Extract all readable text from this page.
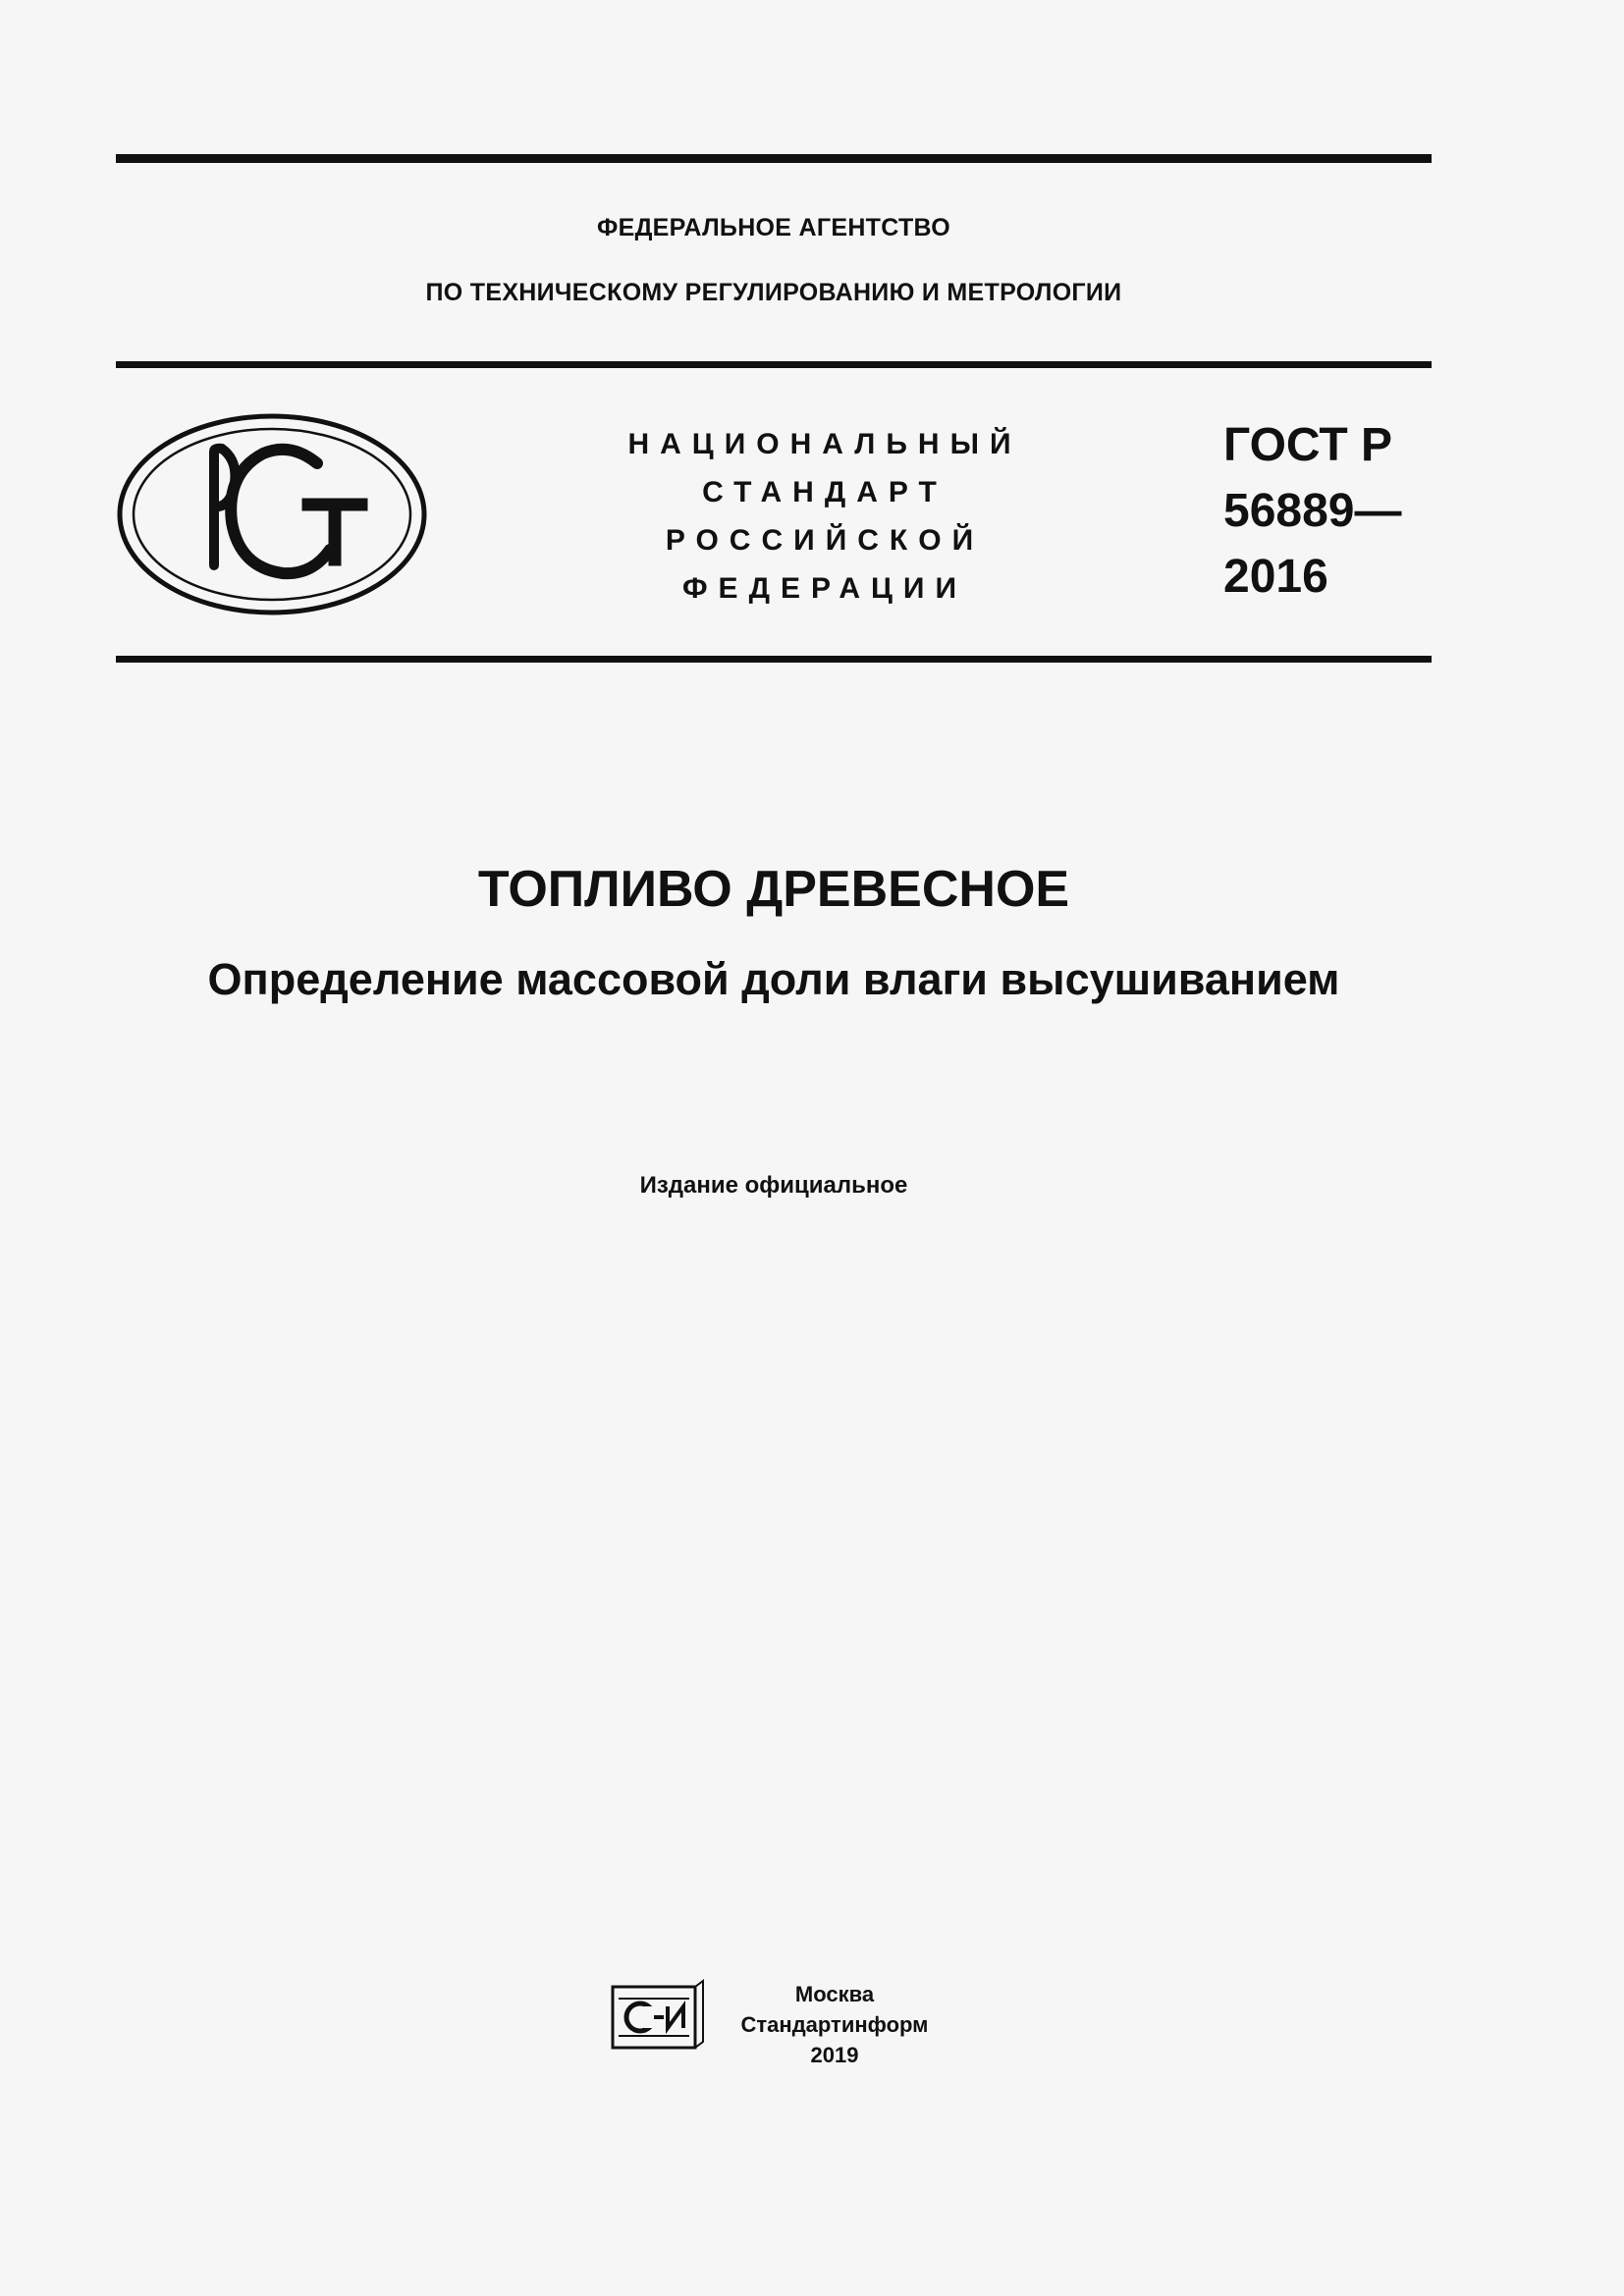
ФЕДЕРАЛЬНОЕ АГЕНТСТВО
ПО ТЕХНИЧЕСКОМУ РЕГУЛИРОВАНИЮ И МЕТРОЛОГИИ
НАЦИОНАЛЬНЫЙ
СТАНДАРТ
РОССИЙСКОЙ
ФЕДЕРАЦИИ
ГОСТ Р
56889—
2016
ТОПЛИВО ДРЕВЕСНОЕ
Определение массовой доли влаги высушиванием
Издание официальное
Москва
Стандартинформ
2019
